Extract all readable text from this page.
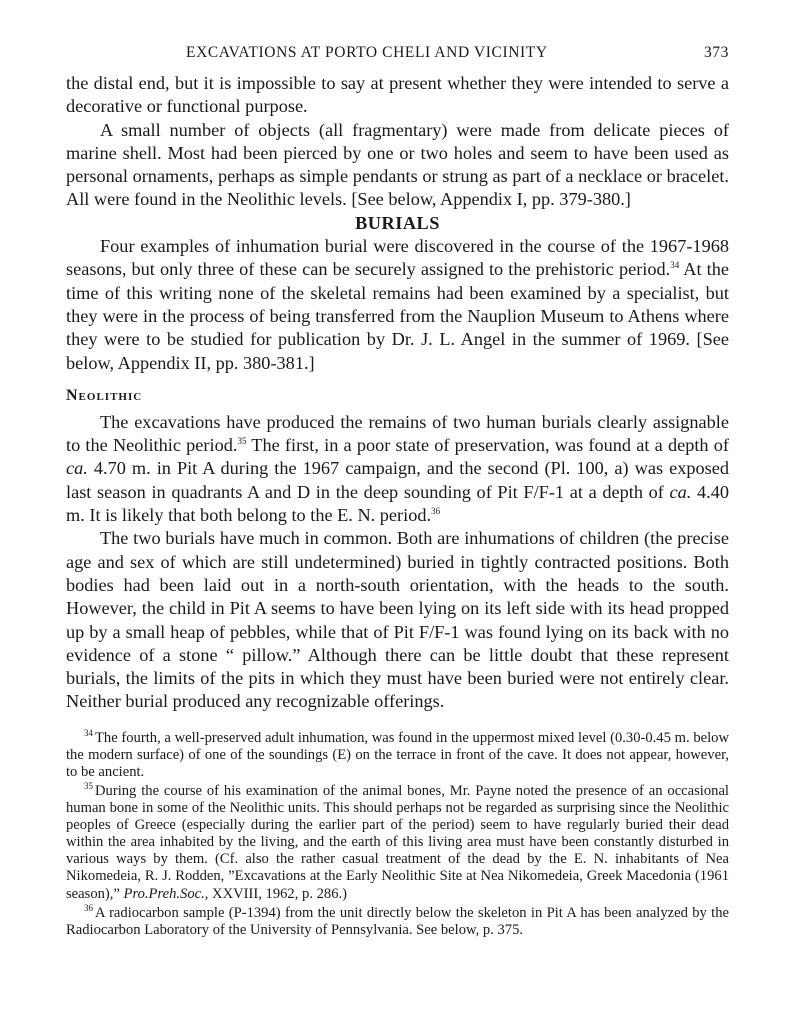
EXCAVATIONS AT PORTO CHELI AND VICINITY	373

the distal end, but it is impossible to say at present whether they were intended to serve a decorative or functional purpose.

A small number of objects (all fragmentary) were made from delicate pieces of marine shell. Most had been pierced by one or two holes and seem to have been used as personal ornaments, perhaps as simple pendants or strung as part of a necklace or bracelet. All were found in the Neolithic levels. [See below, Appendix I, pp. 379-380.]

BURIALS

Four examples of inhumation burial were discovered in the course of the 1967-1968 seasons, but only three of these can be securely assigned to the prehistoric period.$^{34}$ At the time of this writing none of the skeletal remains had been examined by a specialist, but they were in the process of being transferred from the Nauplion Museum to Athens where they were to be studied for publication by Dr. J. L. Angel in the summer of 1969. [See below, Appendix II, pp. 380-381.]

Neolithic

The excavations have produced the remains of two human burials clearly assignable to the Neolithic period.$^{35}$ The first, in a poor state of preservation, was found at a depth of ca. 4.70 m. in Pit A during the 1967 campaign, and the second (Pl. 100, a) was exposed last season in quadrants A and D in the deep sounding of Pit F/F-1 at a depth of ca. 4.40 m. It is likely that both belong to the E. N. period.$^{36}$

The two burials have much in common. Both are inhumations of children (the precise age and sex of which are still undetermined) buried in tightly contracted positions. Both bodies had been laid out in a north-south orientation, with the heads to the south. However, the child in Pit A seems to have been lying on its left side with its head propped up by a small heap of pebbles, while that of Pit F/F-1 was found lying on its back with no evidence of a stone “ pillow.” Although there can be little doubt that these represent burials, the limits of the pits in which they must have been buried were not entirely clear. Neither burial produced any recognizable offerings.

$^{34}$ The fourth, a well-preserved adult inhumation, was found in the uppermost mixed level (0.30-0.45 m. below the modern surface) of one of the soundings (E) on the terrace in front of the cave. It does not appear, however, to be ancient.

$^{35}$ During the course of his examination of the animal bones, Mr. Payne noted the presence of an occasional human bone in some of the Neolithic units. This should perhaps not be regarded as surprising since the Neolithic peoples of Greece (especially during the earlier part of the period) seem to have regularly buried their dead within the area inhabited by the living, and the earth of this living area must have been constantly disturbed in various ways by them. (Cf. also the rather casual treatment of the dead by the E. N. inhabitants of Nea Nikomedeia, R. J. Rodden, ”Excavations at the Early Neolithic Site at Nea Nikomedeia, Greek Macedonia (1961 season),” Pro.Preh.Soc., XXVIII, 1962, p. 286.)

$^{36}$ A radiocarbon sample (P-1394) from the unit directly below the skeleton in Pit A has been analyzed by the Radiocarbon Laboratory of the University of Pennsylvania. See below, p. 375.
